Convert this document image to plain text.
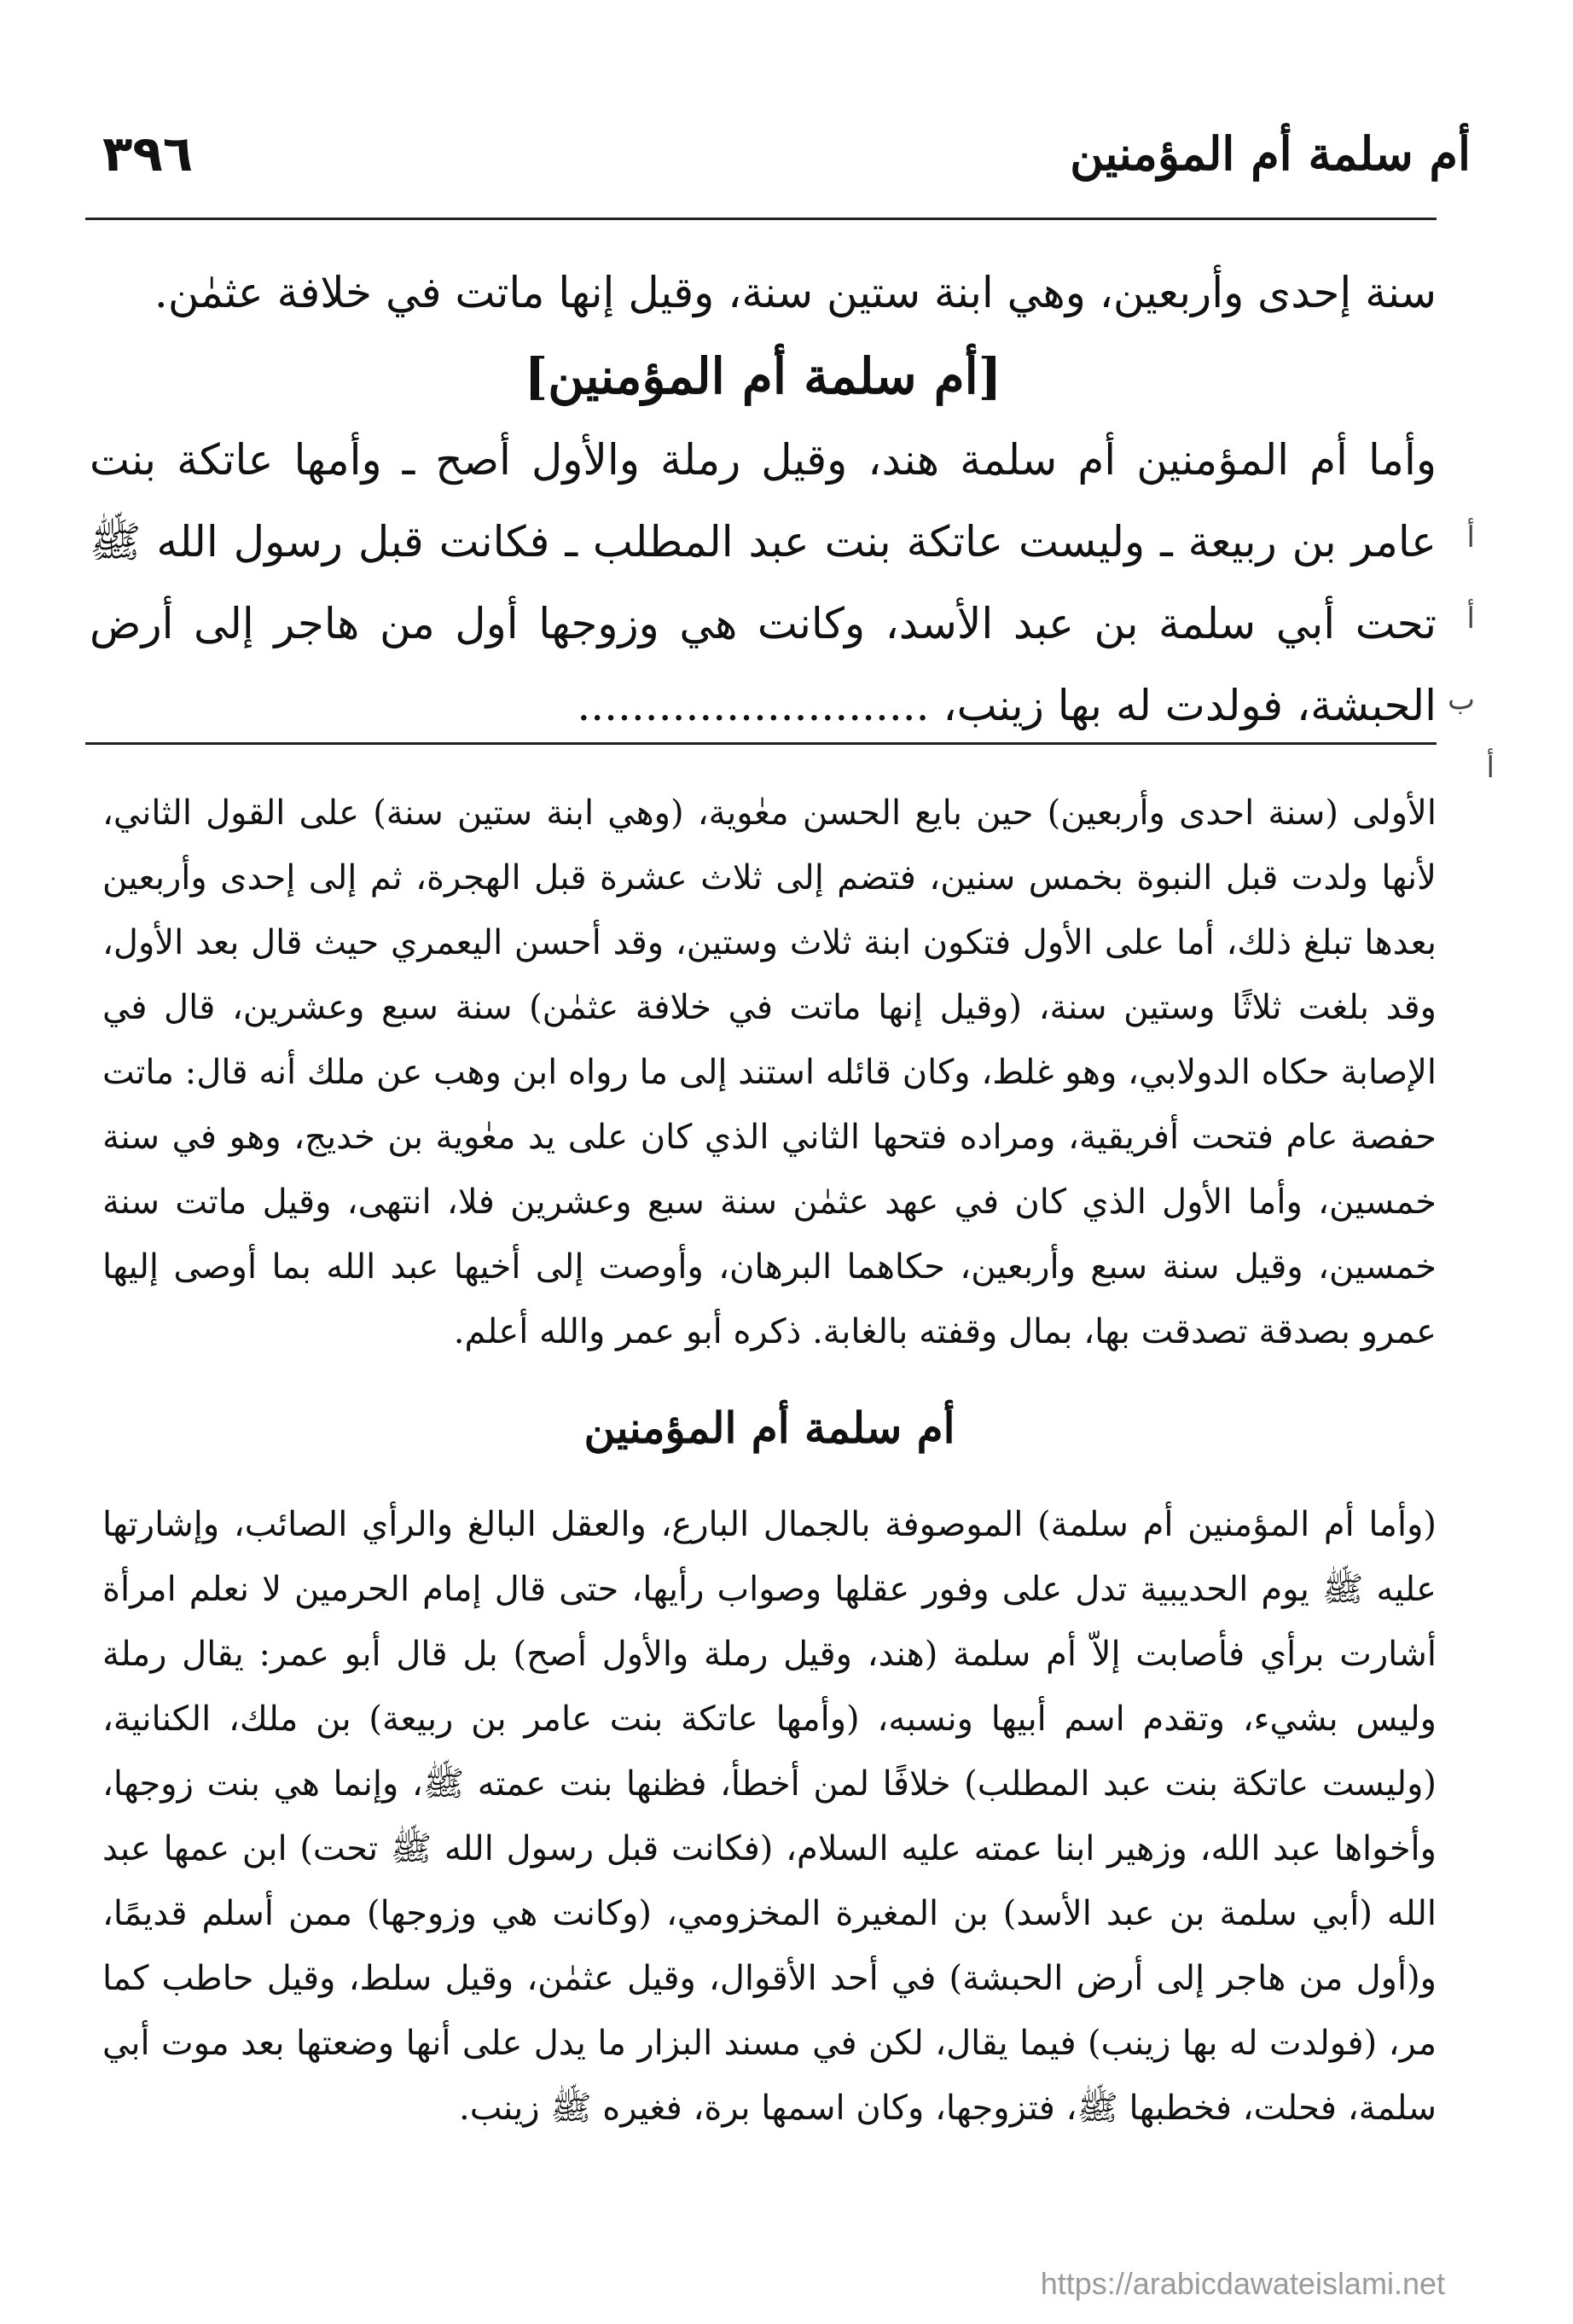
٣٩٦	أم سلمة أم المؤمنين

سنة إحدى وأربعين، وهي ابنة ستين سنة، وقيل إنها ماتت في خلافة عثمٰن.

[أم سلمة أم المؤمنين]

وأما أم المؤمنين أم سلمة هند، وقيل رملة والأول أصح ـ وأمها عاتكة بنت عامر بن ربيعة ـ وليست عاتكة بنت عبد المطلب ـ فكانت قبل رسول الله ﷺ تحت أبي سلمة بن عبد الأسد، وكانت هي وزوجها أول من هاجر إلى أرض الحبشة، فولدت له بها زينب، ..........................

أ
أ
ب
أ

الأولى (سنة احدى وأربعين) حين بايع الحسن معٰوية، (وهي ابنة ستين سنة) على القول الثاني، لأنها ولدت قبل النبوة بخمس سنين، فتضم إلى ثلاث عشرة قبل الهجرة، ثم إلى إحدى وأربعين بعدها تبلغ ذلك، أما على الأول فتكون ابنة ثلاث وستين، وقد أحسن اليعمري حيث قال بعد الأول، وقد بلغت ثلاثًا وستين سنة، (وقيل إنها ماتت في خلافة عثمٰن) سنة سبع وعشرين، قال في الإصابة حكاه الدولابي، وهو غلط، وكان قائله استند إلى ما رواه ابن وهب عن ملك أنه قال: ماتت حفصة عام فتحت أفريقية، ومراده فتحها الثاني الذي كان على يد معٰوية بن خديج، وهو في سنة خمسين، وأما الأول الذي كان في عهد عثمٰن سنة سبع وعشرين فلا، انتهى، وقيل ماتت سنة خمسين، وقيل سنة سبع وأربعين، حكاهما البرهان، وأوصت إلى أخيها عبد الله بما أوصى إليها عمرو بصدقة تصدقت بها، بمال وقفته بالغابة. ذكره أبو عمر والله أعلم.

أم سلمة أم المؤمنين

(وأما أم المؤمنين أم سلمة) الموصوفة بالجمال البارع، والعقل البالغ والرأي الصائب، وإشارتها عليه ﷺ يوم الحديبية تدل على وفور عقلها وصواب رأيها، حتى قال إمام الحرمين لا نعلم امرأة أشارت برأي فأصابت إلاّ أم سلمة (هند، وقيل رملة والأول أصح) بل قال أبو عمر: يقال رملة وليس بشيء، وتقدم اسم أبيها ونسبه، (وأمها عاتكة بنت عامر بن ربيعة) بن ملك، الكنانية، (وليست عاتكة بنت عبد المطلب) خلافًا لمن أخطأ، فظنها بنت عمته ﷺ، وإنما هي بنت زوجها، وأخواها عبد الله، وزهير ابنا عمته عليه السلام، (فكانت قبل رسول الله ﷺ تحت) ابن عمها عبد الله (أبي سلمة بن عبد الأسد) بن المغيرة المخزومي، (وكانت هي وزوجها) ممن أسلم قديمًا، و(أول من هاجر إلى أرض الحبشة) في أحد الأقوال، وقيل عثمٰن، وقيل سلط، وقيل حاطب كما مر، (فولدت له بها زينب) فيما يقال، لكن في مسند البزار ما يدل على أنها وضعتها بعد موت أبي سلمة، فحلت، فخطبها ﷺ، فتزوجها، وكان اسمها برة، فغيره ﷺ زينب.

https://arabicdawateislami.net
